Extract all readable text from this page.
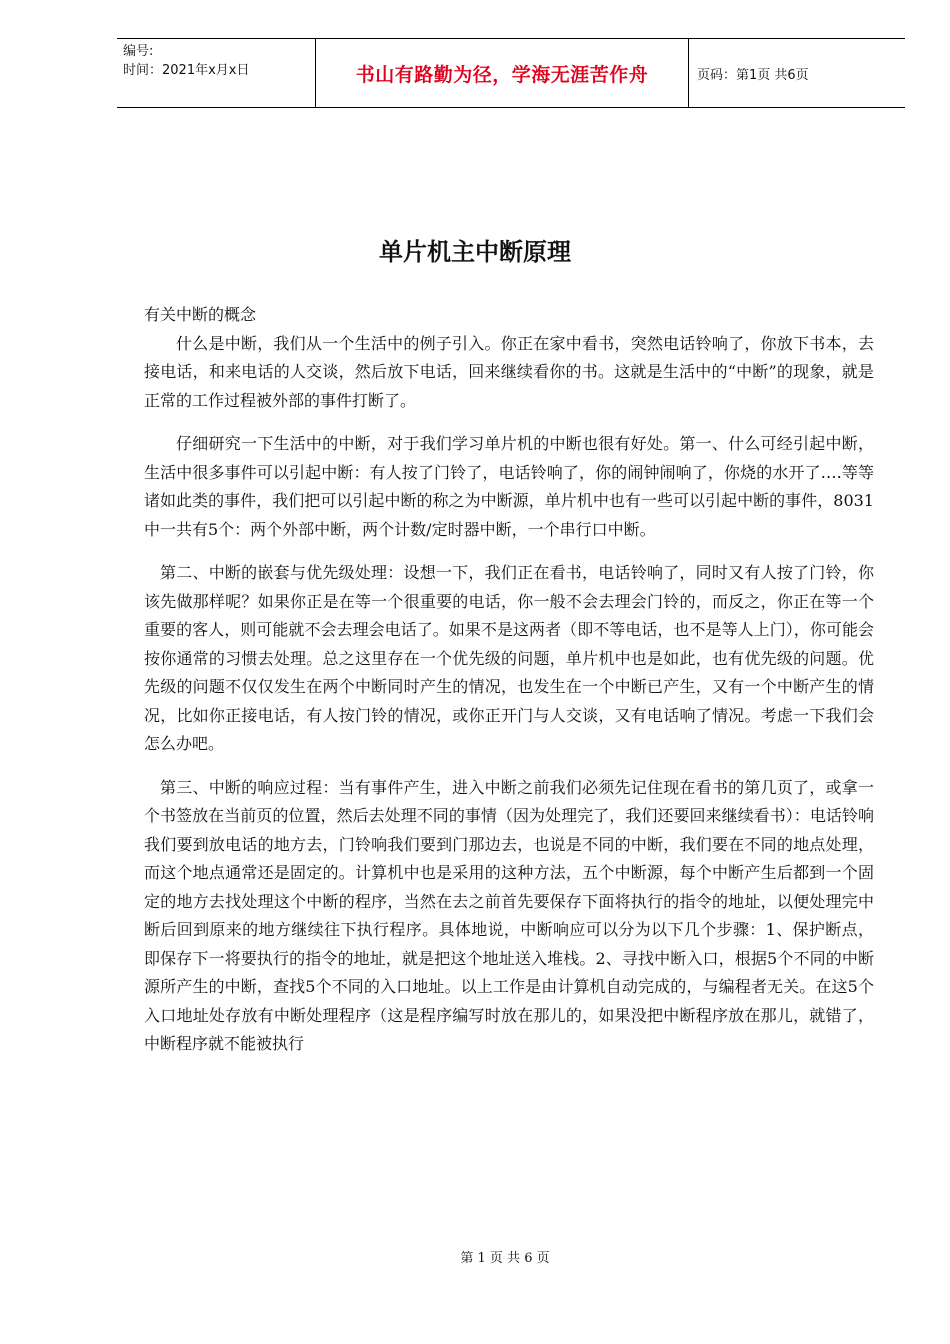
编号:
时间：2021年x月x日	书山有路勤为径，学海无涯苦作舟	页码：第1页 共6页
单片机主中断原理

有关中断的概念

什么是中断，我们从一个生活中的例子引入。你正在家中看书，突然电话铃响了，你放下书本，去接电话，和来电话的人交谈，然后放下电话，回来继续看你的书。这就是生活中的“中断”的现象，就是正常的工作过程被外部的事件打断了。

仔细研究一下生活中的中断，对于我们学习单片机的中断也很有好处。第一、什么可经引起中断，生活中很多事件可以引起中断：有人按了门铃了，电话铃响了，你的闹钟闹响了，你烧的水开了….等等诸如此类的事件，我们把可以引起中断的称之为中断源，单片机中也有一些可以引起中断的事件，8031中一共有5个：两个外部中断，两个计数/定时器中断，一个串行口中断。

第二、中断的嵌套与优先级处理：设想一下，我们正在看书，电话铃响了，同时又有人按了门铃，你该先做那样呢？如果你正是在等一个很重要的电话，你一般不会去理会门铃的，而反之，你正在等一个重要的客人，则可能就不会去理会电话了。如果不是这两者（即不等电话，也不是等人上门），你可能会按你通常的习惯去处理。总之这里存在一个优先级的问题，单片机中也是如此，也有优先级的问题。优先级的问题不仅仅发生在两个中断同时产生的情况，也发生在一个中断已产生，又有一个中断产生的情况，比如你正接电话，有人按门铃的情况，或你正开门与人交谈，又有电话响了情况。考虑一下我们会怎么办吧。

第三、中断的响应过程：当有事件产生，进入中断之前我们必须先记住现在看书的第几页了，或拿一个书签放在当前页的位置，然后去处理不同的事情（因为处理完了，我们还要回来继续看书）：电话铃响我们要到放电话的地方去，门铃响我们要到门那边去，也说是不同的中断，我们要在不同的地点处理，而这个地点通常还是固定的。计算机中也是采用的这种方法，五个中断源，每个中断产生后都到一个固定的地方去找处理这个中断的程序，当然在去之前首先要保存下面将执行的指令的地址，以便处理完中断后回到原来的地方继续往下执行程序。具体地说，中断响应可以分为以下几个步骤：1、保护断点，即保存下一将要执行的指令的地址，就是把这个地址送入堆栈。2、寻找中断入口，根据5个不同的中断源所产生的中断，查找5个不同的入口地址。以上工作是由计算机自动完成的，与编程者无关。在这5个入口地址处存放有中断处理程序（这是程序编写时放在那儿的，如果没把中断程序放在那儿，就错了，中断程序就不能被执行

第 1 页 共 6 页
